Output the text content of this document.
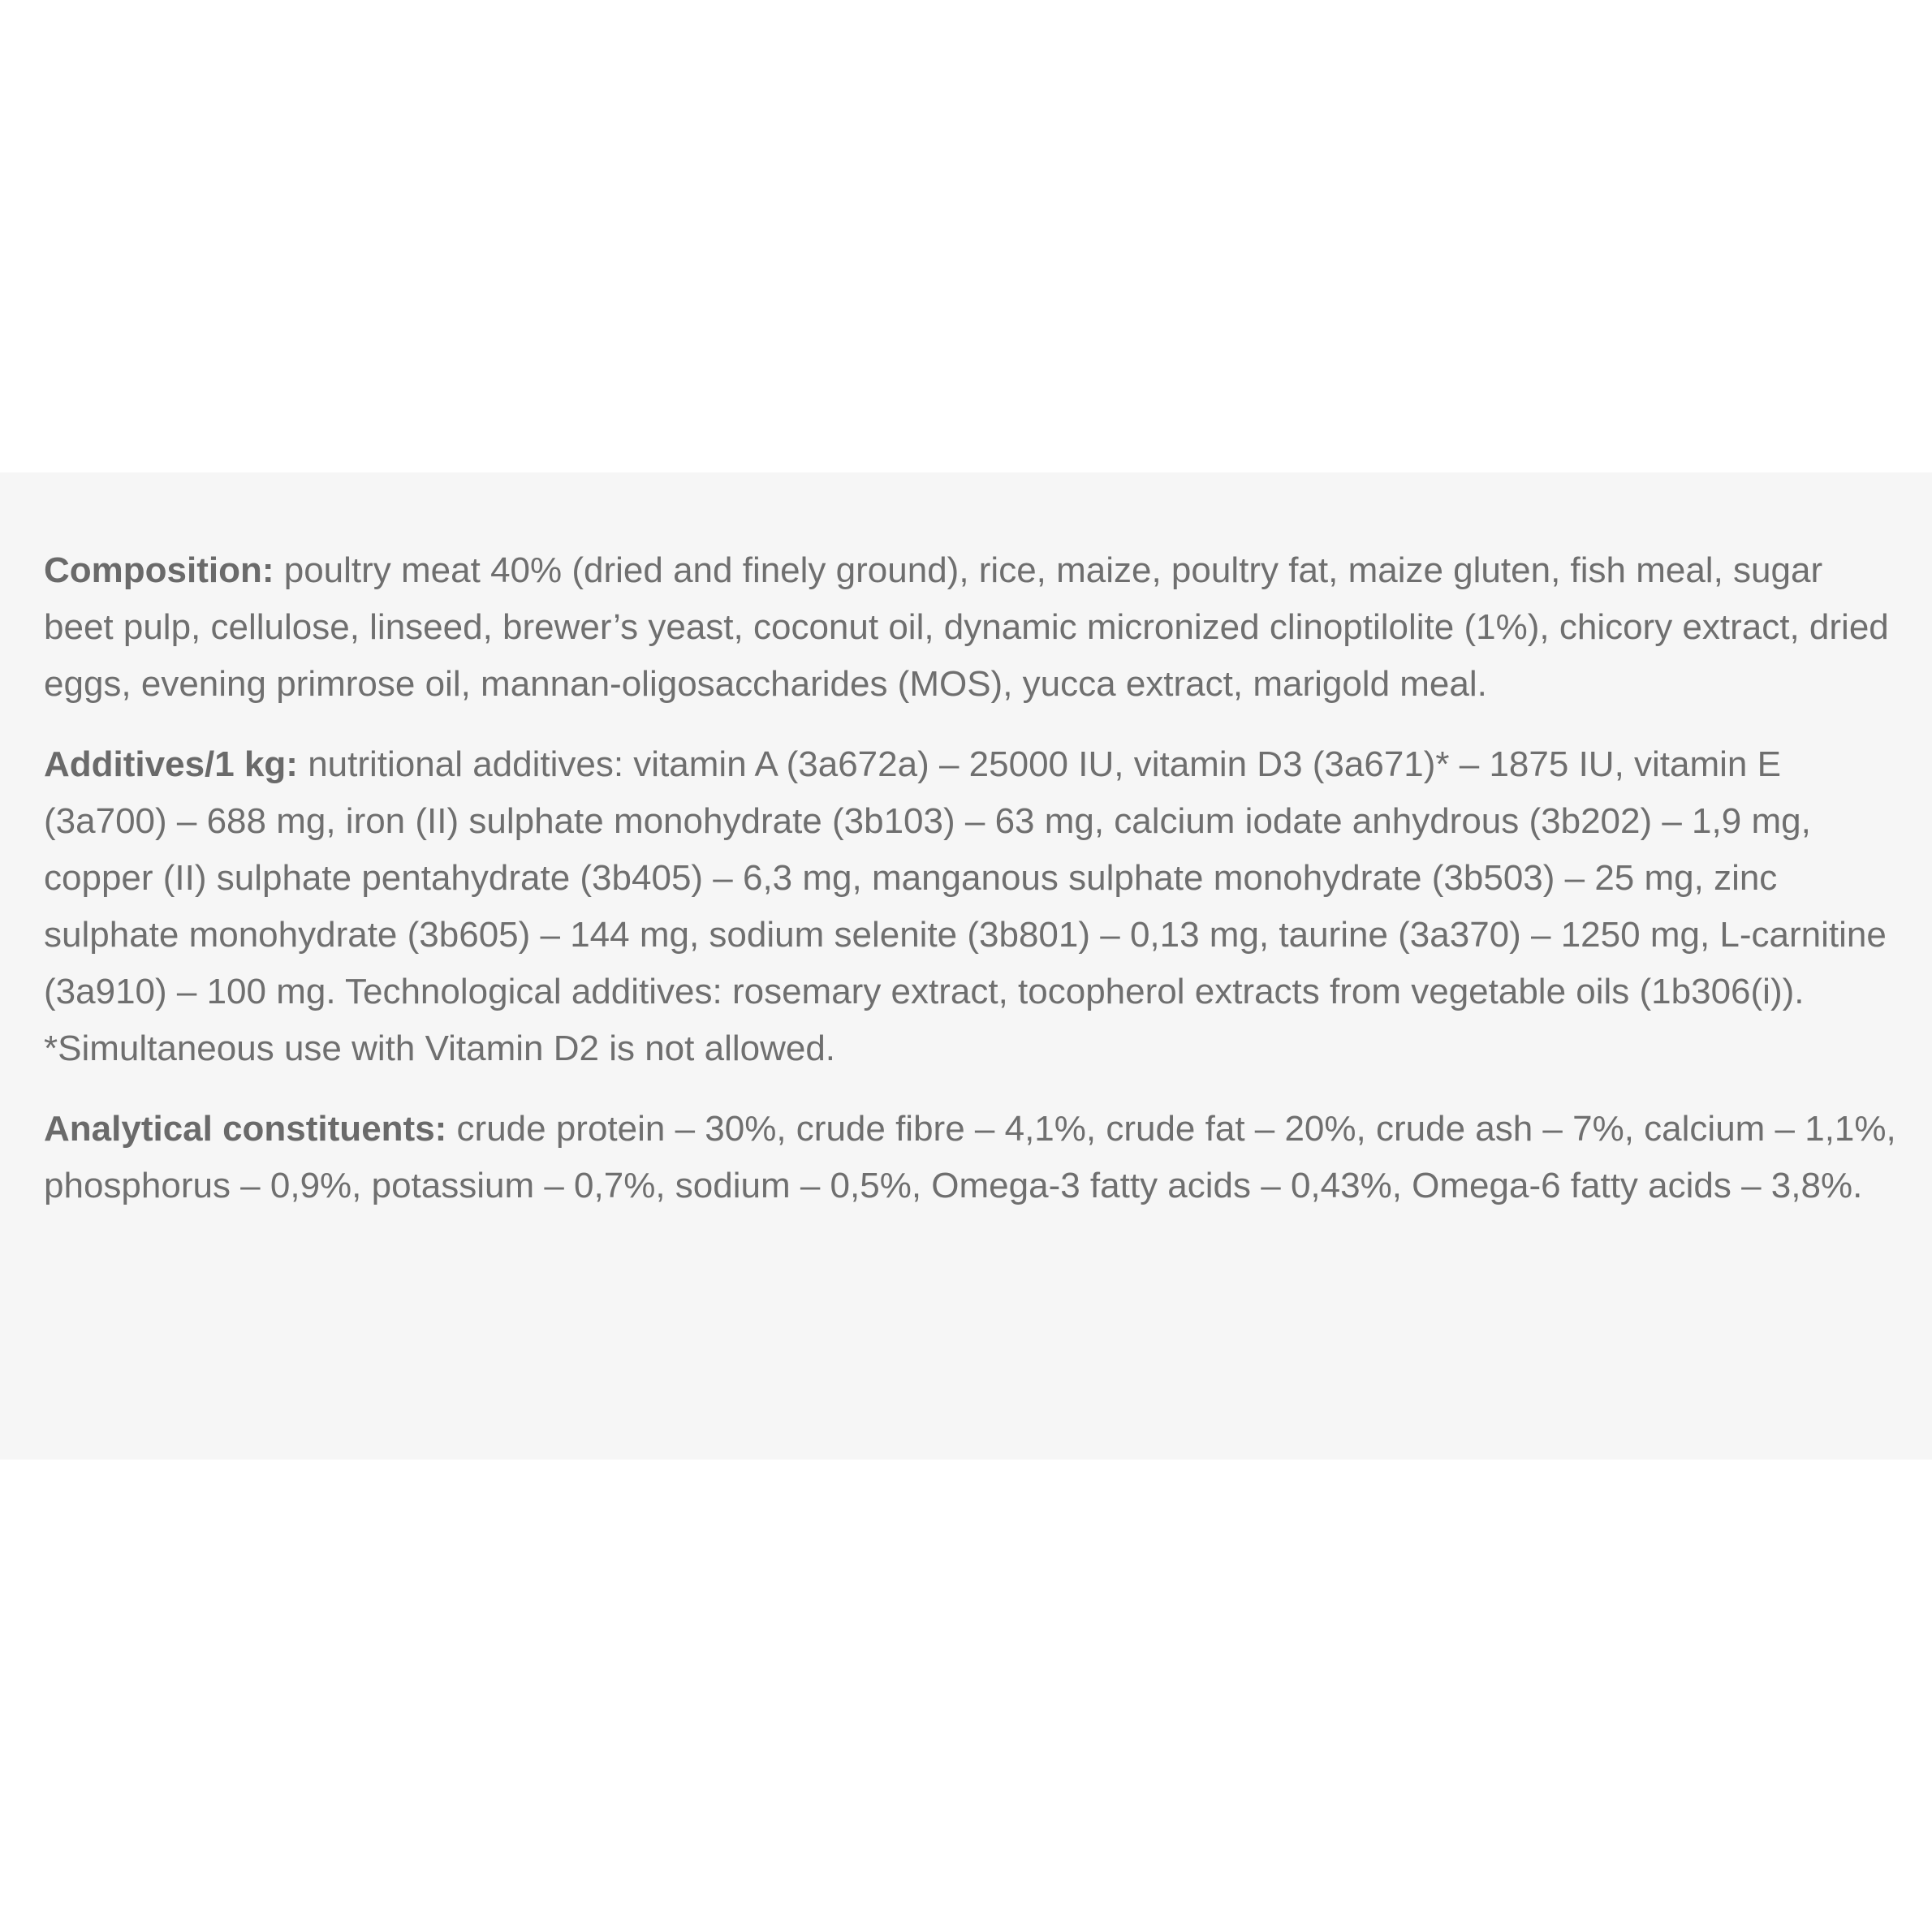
Composition: poultry meat 40% (dried and finely ground), rice, maize, poultry fat, maize gluten, fish meal, sugar beet pulp, cellulose, linseed, brewer’s yeast, coconut oil, dynamic micronized clinoptilolite (1%), chicory extract, dried eggs, evening primrose oil, mannan-oligosaccharides (MOS), yucca extract, marigold meal.

Additives/1 kg: nutritional additives: vitamin A (3a672a) – 25000 IU, vitamin D3 (3a671)* – 1875 IU, vitamin E (3a700) – 688 mg, iron (II) sulphate monohydrate (3b103) – 63 mg, calcium iodate anhydrous (3b202) – 1,9 mg, copper (II) sulphate pentahydrate (3b405) – 6,3 mg, manganous sulphate monohydrate (3b503) – 25 mg, zinc sulphate monohydrate (3b605) – 144 mg, sodium selenite (3b801) – 0,13 mg, taurine (3a370) – 1250 mg, L-carnitine (3a910) – 100 mg. Technological additives: rosemary extract, tocopherol extracts from vegetable oils (1b306(i)).
*Simultaneous use with Vitamin D2 is not allowed.

Analytical constituents: crude protein – 30%, crude fibre – 4,1%, crude fat – 20%, crude ash – 7%, calcium – 1,1%, phosphorus – 0,9%, potassium – 0,7%, sodium – 0,5%, Omega-3 fatty acids – 0,43%, Omega-6 fatty acids – 3,8%.
